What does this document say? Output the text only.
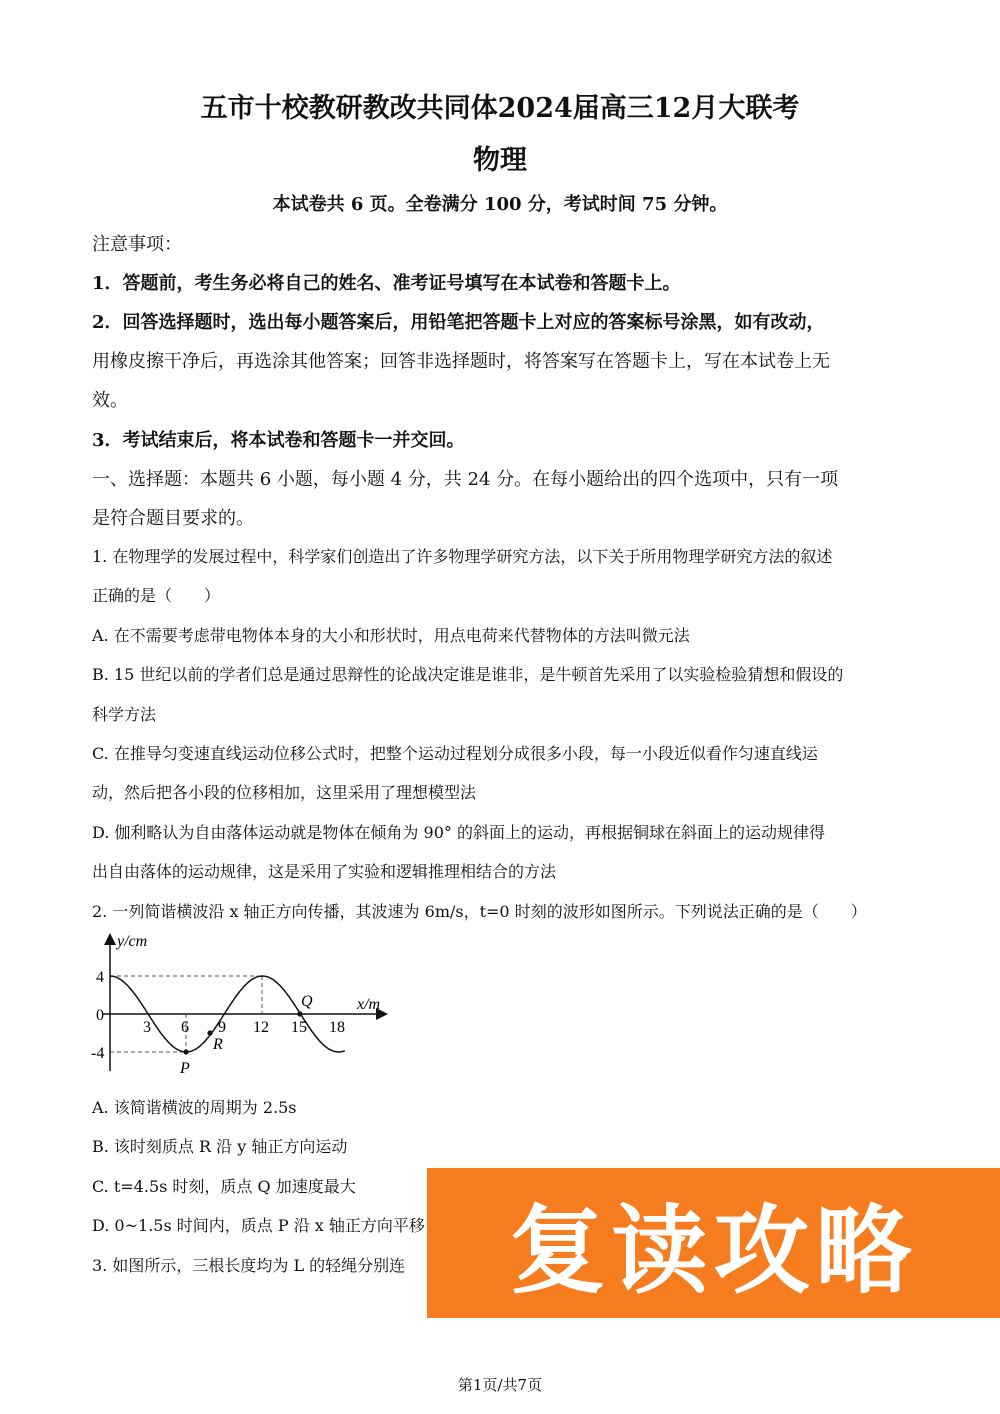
五市十校教研教改共同体2024届高三12月大联考
物理
本试卷共 6 页。全卷满分 100 分，考试时间 75 分钟。
注意事项：
1．答题前，考生务必将自己的姓名、准考证号填写在本试卷和答题卡上。
2．回答选择题时，选出每小题答案后，用铅笔把答题卡上对应的答案标号涂黑，如有改动，
用橡皮擦干净后，再选涂其他答案；回答非选择题时，将答案写在答题卡上，写在本试卷上无
效。
3．考试结束后，将本试卷和答题卡一并交回。
一、选择题：本题共 6 小题，每小题 4 分，共 24 分。在每小题给出的四个选项中，只有一项
是符合题目要求的。
1. 在物理学的发展过程中，科学家们创造出了许多物理学研究方法，以下关于所用物理学研究方法的叙述
正确的是（　　）
A. 在不需要考虑带电物体本身的大小和形状时，用点电荷来代替物体的方法叫微元法
B. 15 世纪以前的学者们总是通过思辩性的论战决定谁是谁非，是牛顿首先采用了以实验检验猜想和假设的
科学方法
C. 在推导匀变速直线运动位移公式时，把整个运动过程划分成很多小段，每一小段近似看作匀速直线运
动，然后把各小段的位移相加，这里采用了理想模型法
D. 伽利略认为自由落体运动就是物体在倾角为 90° 的斜面上的运动，再根据铜球在斜面上的运动规律得
出自由落体的运动规律，这是采用了实验和逻辑推理相结合的方法
2. 一列简谐横波沿 x 轴正方向传播，其波速为 6m/s，t=0 时刻的波形如图所示。下列说法正确的是（　　）
y/cm
x/m
4
0
-4
3 6 9 12 15 18
P
R
Q
A. 该简谐横波的周期为 2.5s
B. 该时刻质点 R 沿 y 轴正方向运动
C. t=4.5s 时刻，质点 Q 加速度最大
D. 0~1.5s 时间内，质点 P 沿 x 轴正方向平移
3. 如图所示，三根长度均为 L 的轻绳分别连	复读攻略
第1页/共7页
